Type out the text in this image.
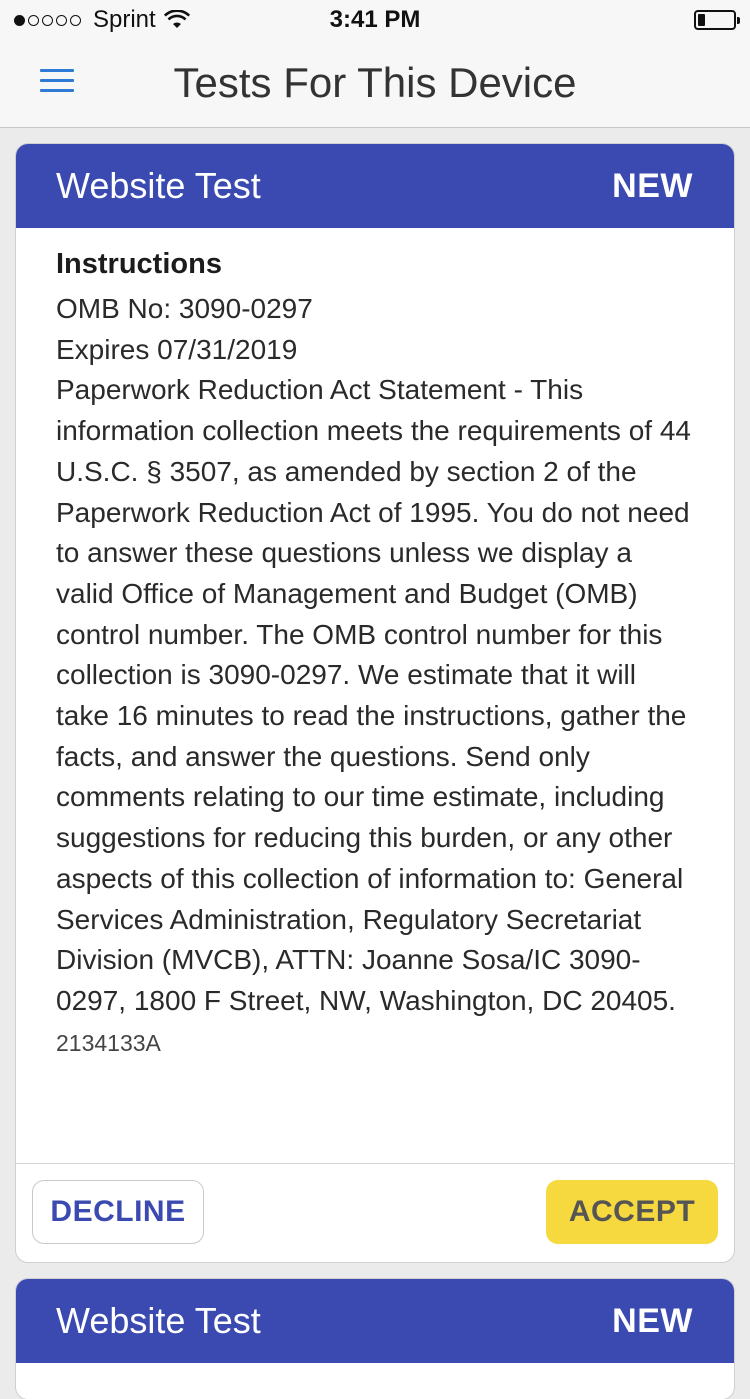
Sprint	3:41 PM
Tests For This Device
Website Test	NEW
Instructions
OMB No: 3090-0297
Expires 07/31/2019
Paperwork Reduction Act Statement - This information collection meets the requirements of 44 U.S.C. § 3507, as amended by section 2 of the Paperwork Reduction Act of 1995. You do not need to answer these questions unless we display a valid Office of Management and Budget (OMB) control number. The OMB control number for this collection is 3090-0297. We estimate that it will take 16 minutes to read the instructions, gather the facts, and answer the questions. Send only comments relating to our time estimate, including suggestions for reducing this burden, or any other aspects of this collection of information to: General Services Administration, Regulatory Secretariat Division (MVCB), ATTN: Joanne Sosa/IC 3090-0297, 1800 F Street, NW, Washington, DC 20405. 2134133A
DECLINE	ACCEPT
Website Test	NEW
